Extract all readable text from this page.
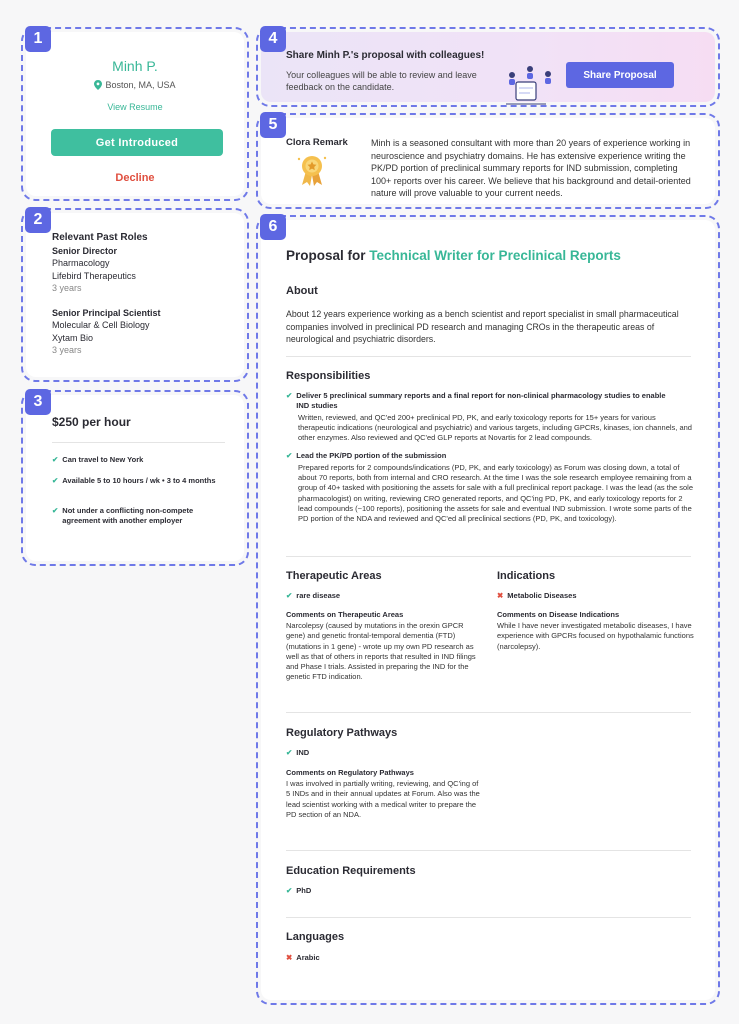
Minh P.
Boston, MA, USA
View Resume
Get Introduced
Decline
1
Relevant Past Roles
Senior Director
Pharmacology
Lifebird Therapeutics
3 years
Senior Principal Scientist
Molecular & Cell Biology
Xytam Bio
3 years
2
$250 per hour
✔ Can travel to New York
✔ Available 5 to 10 hours / wk • 3 to 4 months
✔ Not under a conflicting non-compete agreement with another employer
3
Share Minh P.'s proposal with colleagues!
Your colleagues will be able to review and leave feedback on the candidate.
Share Proposal
4
Clora Remark	Minh is a seasoned consultant with more than 20 years of experience working in neuroscience and psychiatry domains. He has extensive experience writing the PK/PD portion of preclinical summary reports for IND submission, completing 100+ reports over his career. We believe that his background and detail-oriented nature will prove valuable to your current needs.
5
Proposal for Technical Writer for Preclinical Reports
About
About 12 years experience working as a bench scientist and report specialist in small pharmaceutical companies involved in preclinical PD research and managing CROs in the therapeutic areas of neurological and psychiatric disorders.
Responsibilities
✔ Deliver 5 preclinical summary reports and a final report for non-clinical pharmacology studies to enable IND studies
Written, reviewed, and QC'ed 200+ preclinical PD, PK, and early toxicology reports for 15+ years for various therapeutic indications (neurological and psychiatric) and various targets, including GPCRs, kinases, ion channels, and other enzymes. Also reviewed and QC'ed GLP reports at Novartis for 2 lead compounds.
✔ Lead the PK/PD portion of the submission
Prepared reports for 2 compounds/indications (PD, PK, and early toxicology) as Forum was closing down, a total of about 70 reports, both from internal and CRO research. At the time I was the sole research employee remaining from a group of 40+ tasked with positioning the assets for sale with a full preclinical report package. I was the lead (as the sole pharmacologist) on writing, reviewing CRO generated reports, and QC'ing PD, PK, and early toxicology reports for 2 lead compounds (~100 reports), positioning the assets for sale and eventual IND submission. I wrote some parts of the PD portion of the NDA and reviewed and QC'ed all preclinical sections (PD, PK, and toxicology).
Therapeutic Areas
✔ rare disease
Comments on Therapeutic Areas
Narcolepsy (caused by mutations in the orexin GPCR gene) and genetic frontal-temporal dementia (FTD) (mutations in 1 gene) - wrote up my own PD research as well as that of others in reports that resulted in IND filings and Phase I trials. Assisted in preparing the IND for the genetic FTD indication.
Indications
✖ Metabolic Diseases
Comments on Disease Indications
While I have never investigated metabolic diseases, I have experience with GPCRs focused on hypothalamic functions (narcolepsy).
Regulatory Pathways
✔ IND
Comments on Regulatory Pathways
I was involved in partially writing, reviewing, and QC'ing of 5 INDs and in their annual updates at Forum. Also was the lead scientist working with a medical writer to prepare the PD section of an NDA.
Education Requirements
✔ PhD
Languages
✖ Arabic
6
